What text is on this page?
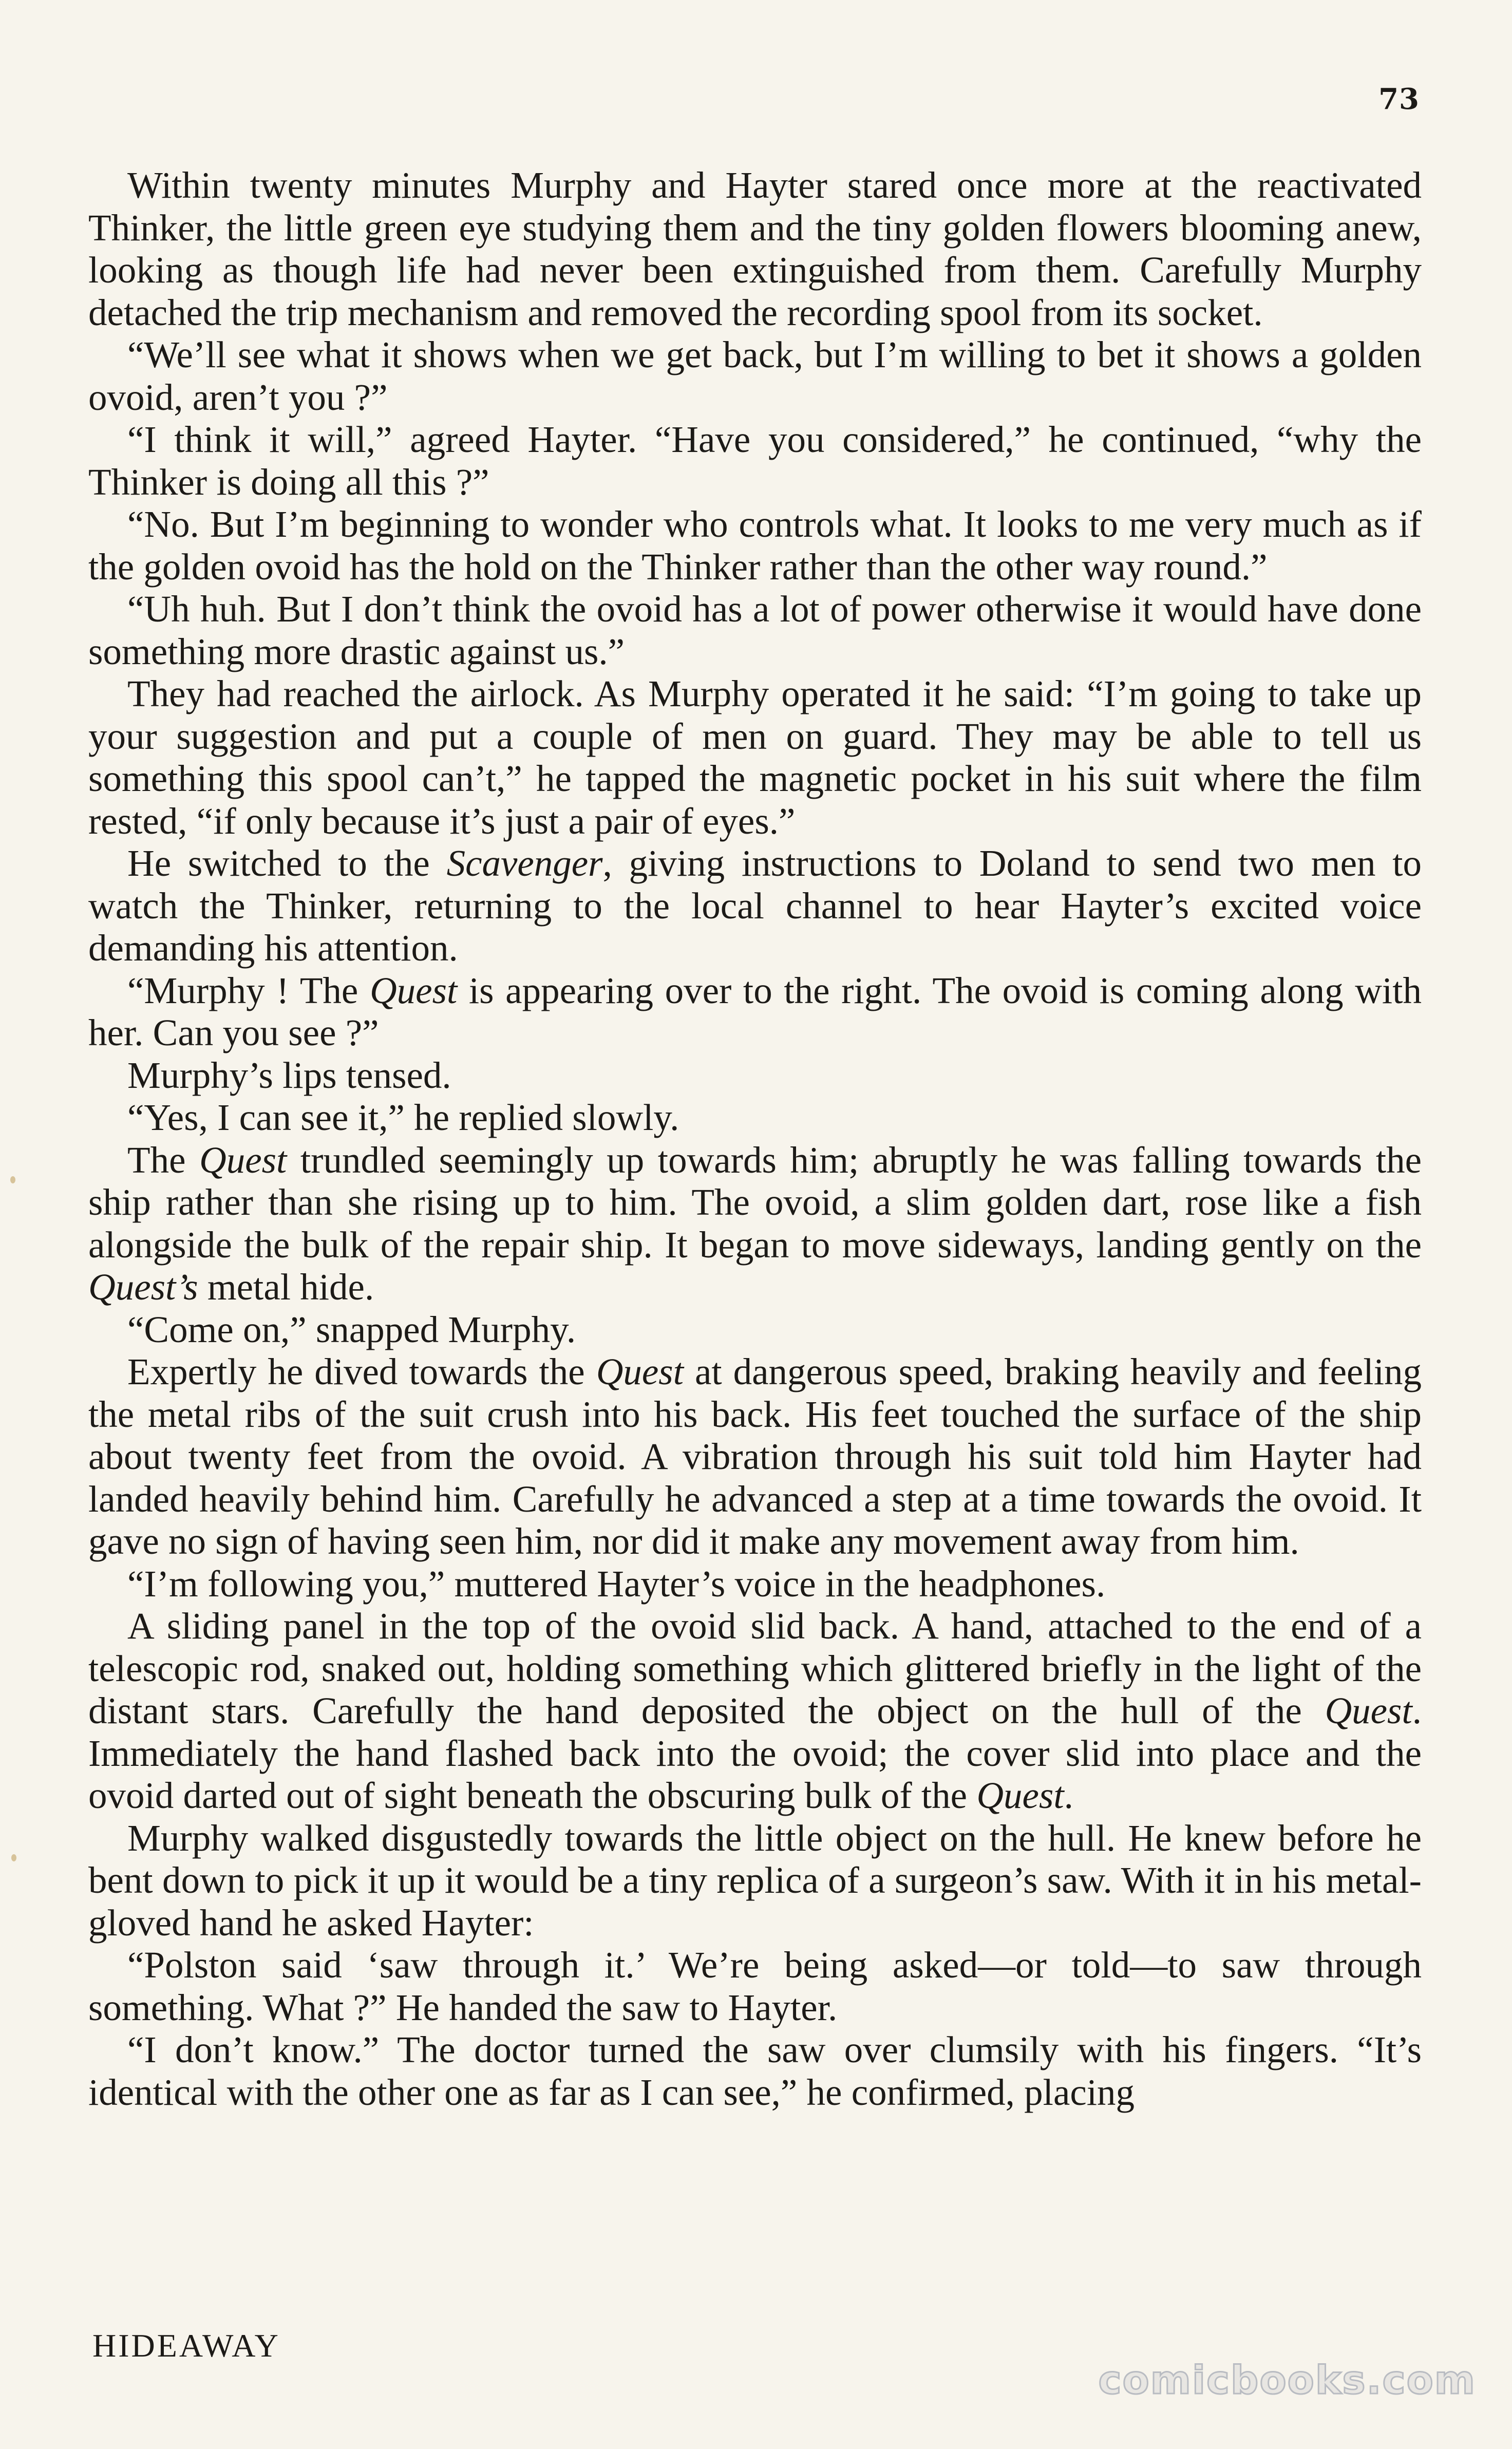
73

Within twenty minutes Murphy and Hayter stared once more at the reactivated Thinker, the little green eye studying them and the tiny golden flowers blooming anew, looking as though life had never been extinguished from them. Carefully Murphy detached the trip mechanism and removed the recording spool from its socket.

“We’ll see what it shows when we get back, but I’m willing to bet it shows a golden ovoid, aren’t you ?”

“I think it will,” agreed Hayter. “Have you considered,” he continued, “why the Thinker is doing all this ?”

“No. But I’m beginning to wonder who controls what. It looks to me very much as if the golden ovoid has the hold on the Thinker rather than the other way round.”

“Uh huh. But I don’t think the ovoid has a lot of power otherwise it would have done something more drastic against us.”

They had reached the airlock. As Murphy operated it he said: “I’m going to take up your suggestion and put a couple of men on guard. They may be able to tell us something this spool can’t,” he tapped the magnetic pocket in his suit where the film rested, “if only because it’s just a pair of eyes.”

He switched to the Scavenger, giving instructions to Doland to send two men to watch the Thinker, returning to the local channel to hear Hayter’s excited voice demanding his attention.

“Murphy ! The Quest is appearing over to the right. The ovoid is coming along with her. Can you see ?”

Murphy’s lips tensed.

“Yes, I can see it,” he replied slowly.

The Quest trundled seemingly up towards him; abruptly he was falling towards the ship rather than she rising up to him. The ovoid, a slim golden dart, rose like a fish alongside the bulk of the repair ship. It began to move sideways, landing gently on the Quest’s metal hide.

“Come on,” snapped Murphy.

Expertly he dived towards the Quest at dangerous speed, braking heavily and feeling the metal ribs of the suit crush into his back. His feet touched the surface of the ship about twenty feet from the ovoid. A vibration through his suit told him Hayter had landed heavily behind him. Carefully he advanced a step at a time towards the ovoid. It gave no sign of having seen him, nor did it make any movement away from him.

“I’m following you,” muttered Hayter’s voice in the headphones.

A sliding panel in the top of the ovoid slid back. A hand, attached to the end of a telescopic rod, snaked out, holding something which glittered briefly in the light of the distant stars. Carefully the hand deposited the object on the hull of the Quest. Immediately the hand flashed back into the ovoid; the cover slid into place and the ovoid darted out of sight beneath the obscuring bulk of the Quest.

Murphy walked disgustedly towards the little object on the hull. He knew before he bent down to pick it up it would be a tiny replica of a surgeon’s saw. With it in his metal-gloved hand he asked Hayter:

“Polston said ‘saw through it.’ We’re being asked—or told—to saw through something. What ?” He handed the saw to Hayter.

“I don’t know.” The doctor turned the saw over clumsily with his fingers. “It’s identical with the other one as far as I can see,” he confirmed, placing

HIDEAWAY
comicbooks.com
